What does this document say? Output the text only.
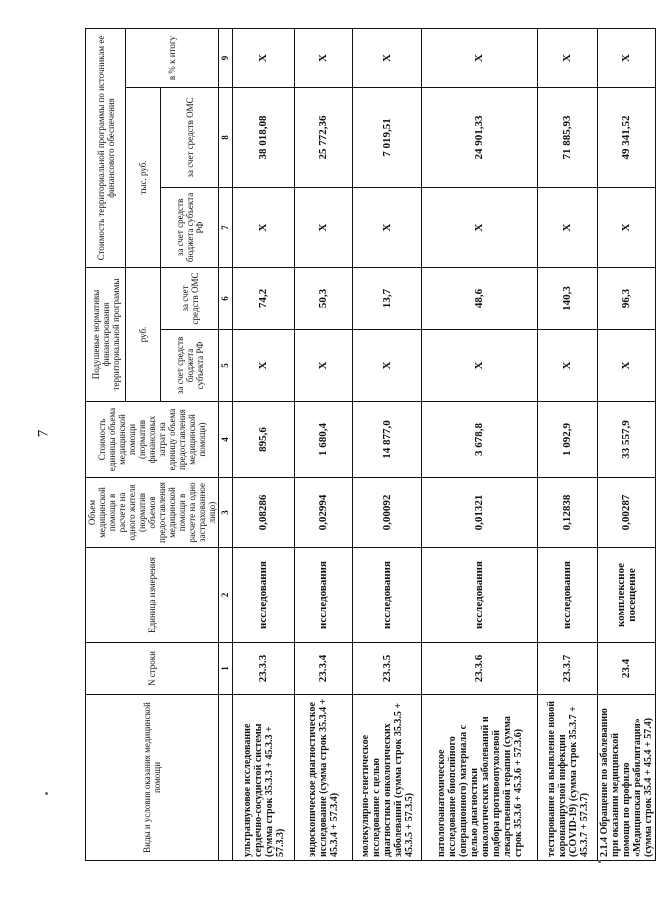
7
Виды и условия оказания медицинской помощи	N строки	Единица измерения	Объем медицинской помощи в расчете на одного жителя (норматив объемов предоставления медицинской помощи в расчете на одно застрахованное лицо)	Стоимость единицы объема медицинской помощи (норматив финансовых затрат на единицу объема предоставления медицинской помощи)	Подушевые нормативы финансирования территориальной программы		Стоимость территориальной программы по источникам ее финансового обеспечения		
					руб.		тыс. руб.		в % к итогу
					за счет средств бюджета субъекта РФ	за счет средств ОМС	за счет средств бюджета субъекта РФ	за счет средств ОМС	
	1	2	3	4	5	6	7	8	9
ультразвуковое исследование сердечно-сосудистой системы (сумма строк 35.3.3 + 45.3.3 + 57.3.3)	23.3.3	исследования	0,08286	895,6	X	74,2	X	38 018,08	X
эндоскопическое диагностическое исследование (сумма строк 35.3.4 + 45.3.4 + 57.3.4)	23.3.4	исследования	0,02994	1 680,4	X	50,3	X	25 772,36	X
молекулярно-генетическое исследование с целью диагностики онкологических заболеваний (сумма строк 35.3.5 + 45.3.5 + 57.3.5)	23.3.5	исследования	0,00092	14 877,0	X	13,7	X	7 019,51	X
патологоанатомическое исследование биопсийного (операционного) материала с целью диагностики онкологических заболеваний и подбора противоопухолевой лекарственной терапии (сумма строк 35.3.6 + 45.3.6 + 57.3.6)	23.3.6	исследования	0,01321	3 678,8	X	48,6	X	24 901,33	X
тестирование на выявление новой коронавирусной инфекции (COVID-19) (сумма строк 35.3.7 + 45.3.7 + 57.3.7)	23.3.7	исследования	0,12838	1 092,9	X	140,3	X	71 885,93	X
2.1.4 Обращение по заболеванию при оказании медицинской помощи по профилю «Медицинская реабилитация» (сумма строк 35.4 + 45.4 + 57.4)	23.4	комплексное посещение	0,00287	33 557,9	X	96,3	X	49 341,52	X
